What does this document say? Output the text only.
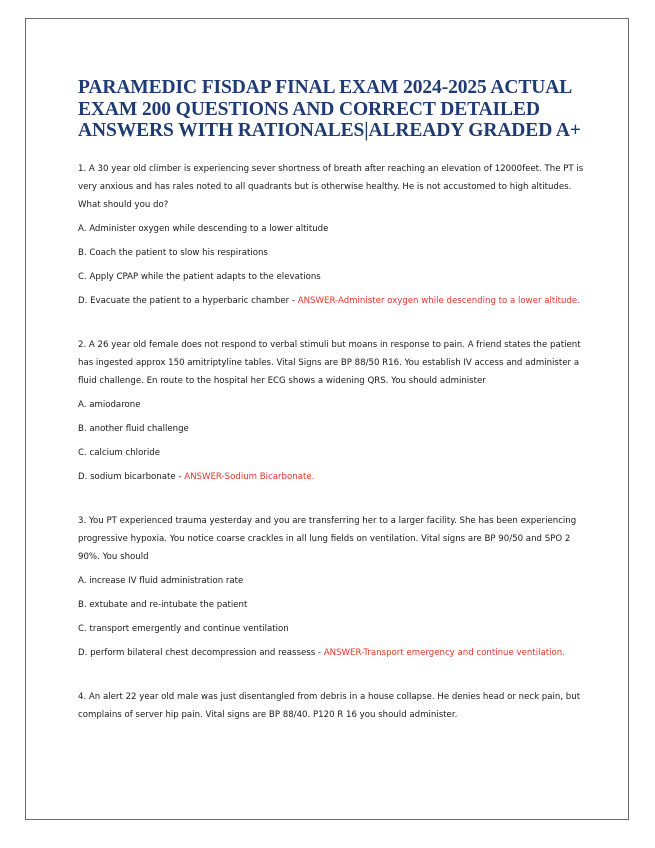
PARAMEDIC FISDAP FINAL EXAM 2024-2025 ACTUAL EXAM 200 QUESTIONS AND CORRECT DETAILED ANSWERS WITH RATIONALES|ALREADY GRADED A+

1. A 30 year old climber is experiencing sever shortness of breath after reaching an elevation of 12000feet. The PT is very anxious and has rales noted to all quadrants but is otherwise healthy. He is not accustomed to high altitudes. What should you do?

A. Administer oxygen while descending to a lower altitude

B. Coach the patient to slow his respirations

C. Apply CPAP while the patient adapts to the elevations

D. Evacuate the patient to a hyperbaric chamber - ANSWER-Administer oxygen while descending to a lower altitude.

2. A 26 year old female does not respond to verbal stimuli but moans in response to pain. A friend states the patient has ingested approx 150 amitriptyline tables. Vital Signs are BP 88/50 R16. You establish IV access and administer a fluid challenge. En route to the hospital her ECG shows a widening QRS. You should administer

A. amiodarone

B. another fluid challenge

C. calcium chloride

D. sodium bicarbonate - ANSWER-Sodium Bicarbonate.

3. You PT experienced trauma yesterday and you are transferring her to a larger facility. She has been experiencing progressive hypoxia. You notice coarse crackles in all lung fields on ventilation. Vital signs are BP 90/50 and SPO 2 90%. You should

A. increase IV fluid administration rate

B. extubate and re-intubate the patient

C. transport emergently and continue ventilation

D. perform bilateral chest decompression and reassess - ANSWER-Transport emergency and continue ventilation.

4. An alert 22 year old male was just disentangled from debris in a house collapse. He denies head or neck pain, but complains of server hip pain. Vital signs are BP 88/40. P120 R 16 you should administer.
